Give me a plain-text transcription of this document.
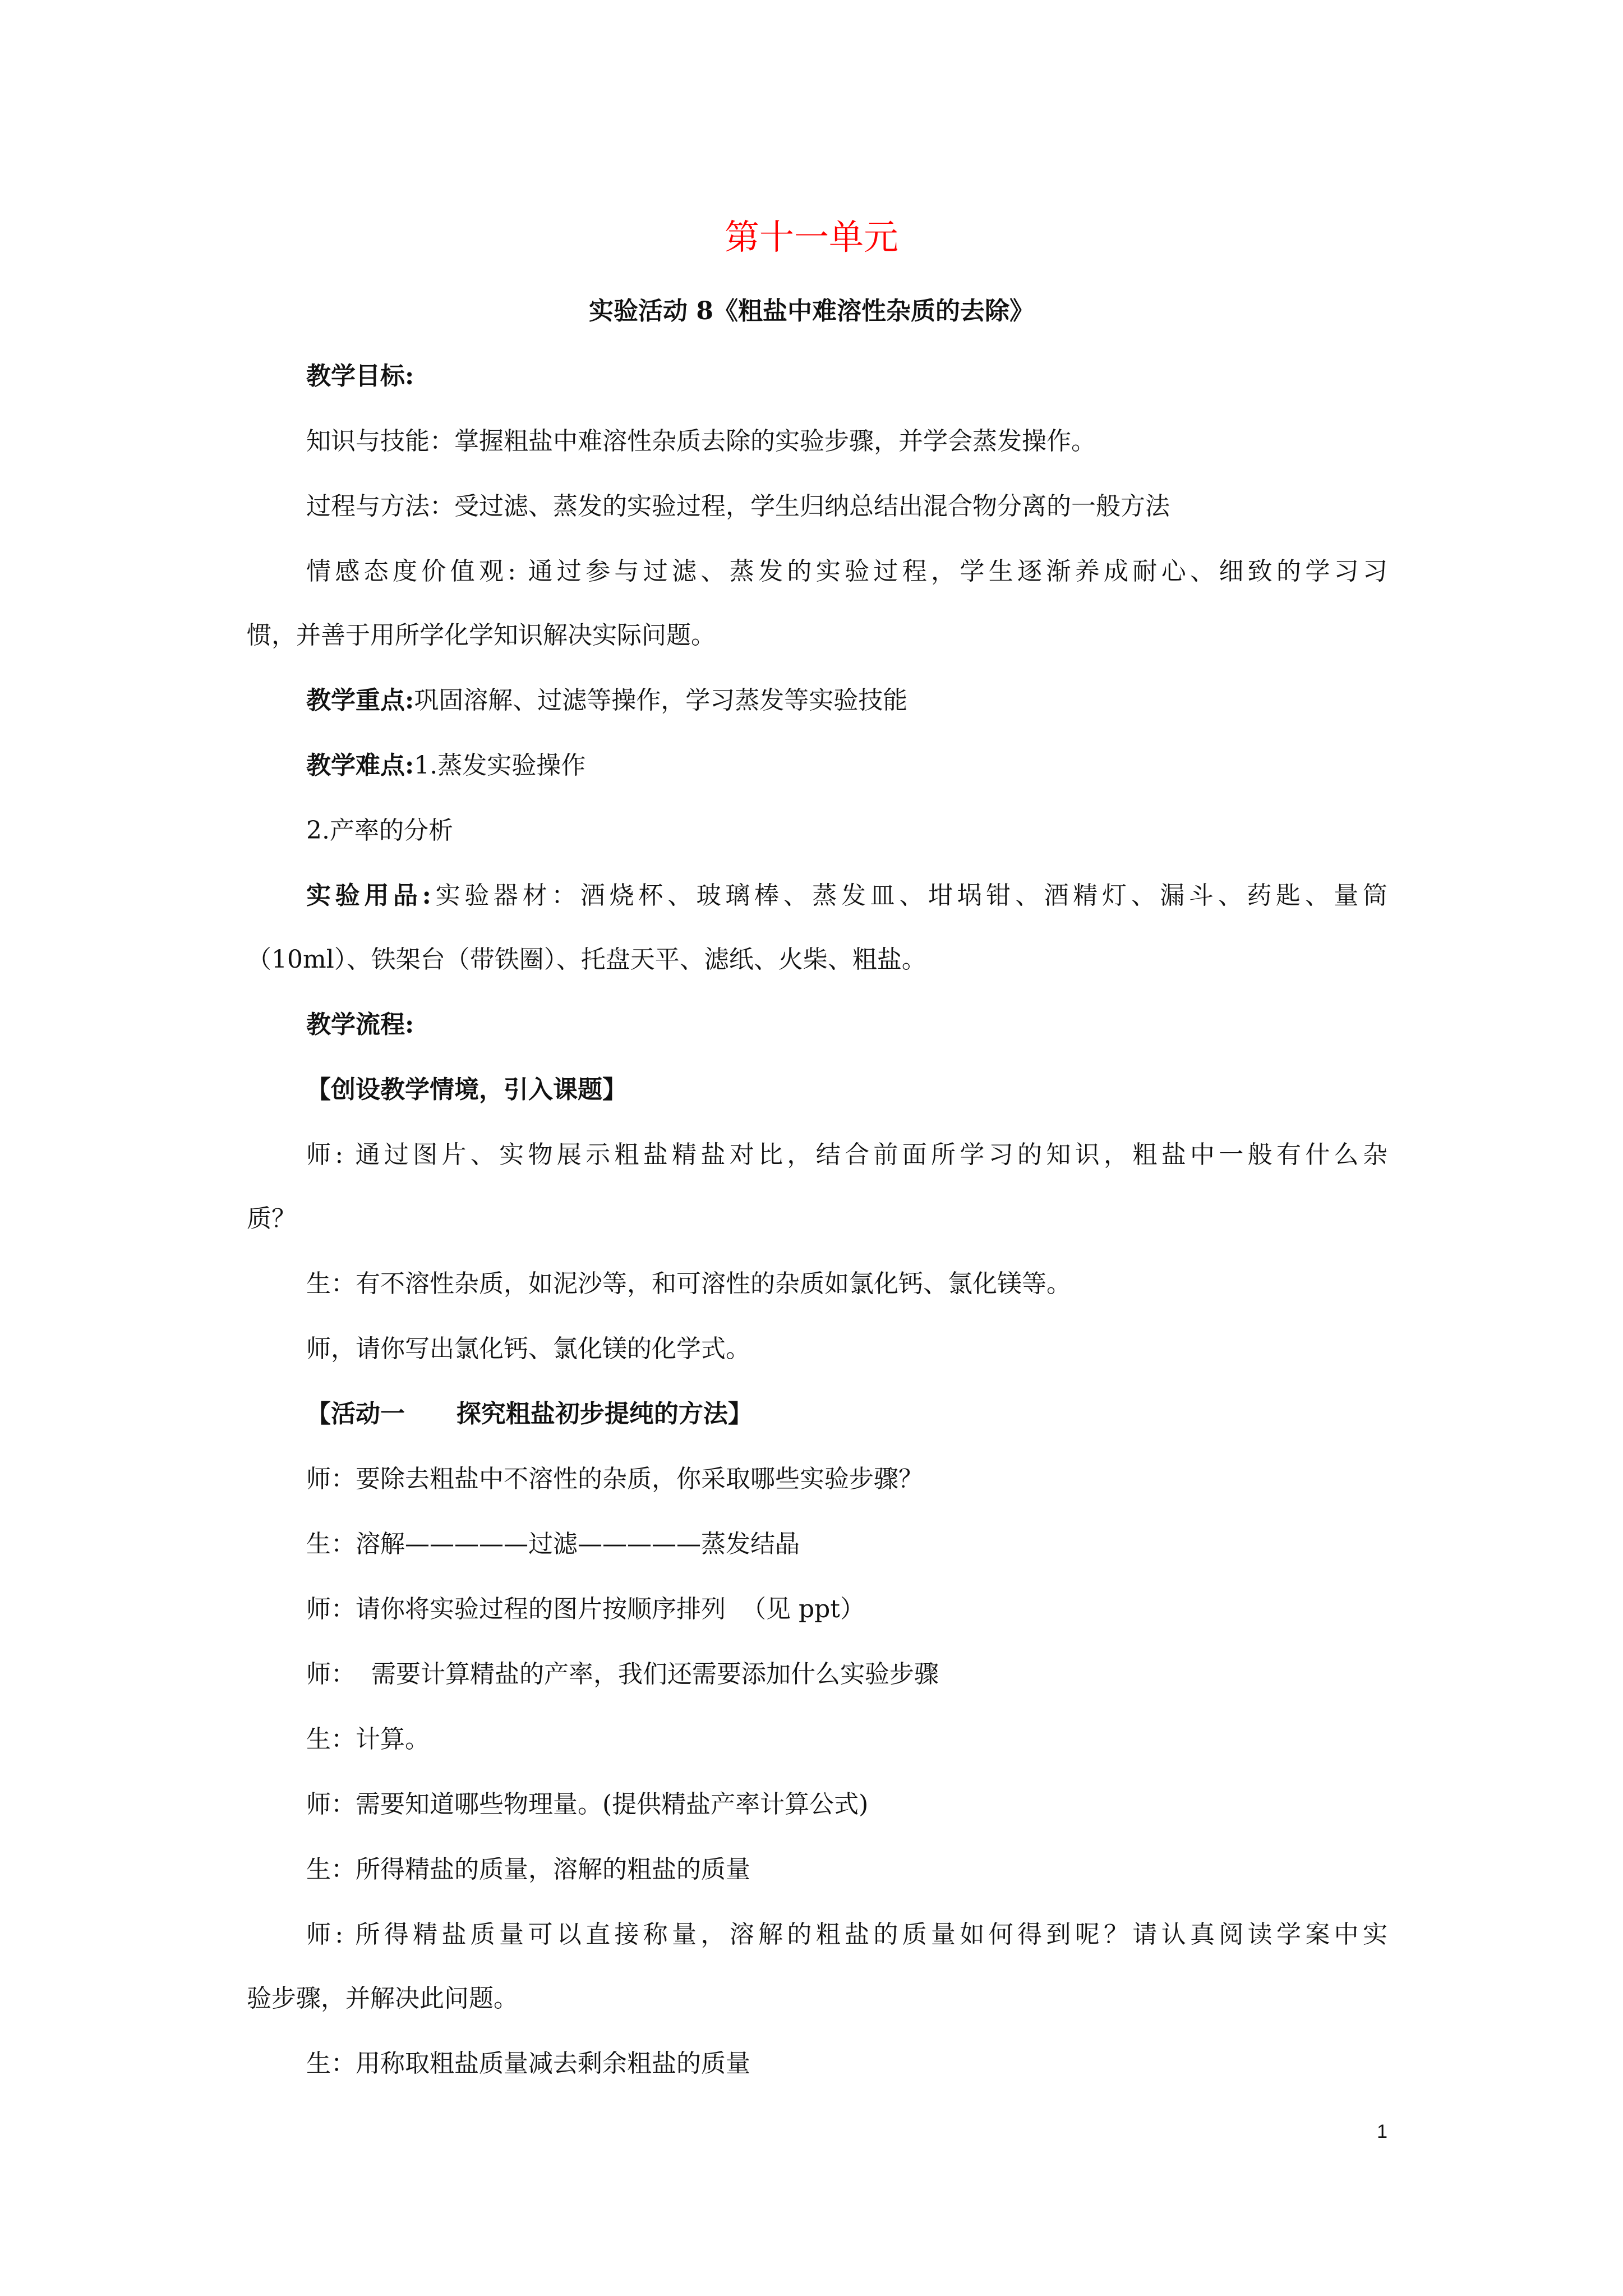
第十一单元
实验活动 8《粗盐中难溶性杂质的去除》
教学目标:
知识与技能：掌握粗盐中难溶性杂质去除的实验步骤，并学会蒸发操作。
过程与方法：受过滤、蒸发的实验过程，学生归纳总结出混合物分离的一般方法
情感态度价值观: 通过参与过滤、蒸发的实验过程，学生逐渐养成耐心、细致的学习习
惯，并善于用所学化学知识解决实际问题。
教学重点:巩固溶解、过滤等操作，学习蒸发等实验技能
教学难点:1.蒸发实验操作
2.产率的分析
实验用品:实验器材：酒烧杯、玻璃棒、蒸发皿、坩埚钳、酒精灯、漏斗、药匙、量筒
（10ml）、铁架台（带铁圈）、托盘天平、滤纸、火柴、粗盐。
教学流程:
【创设教学情境，引入课题】
师: 通过图片、实物展示粗盐精盐对比，结合前面所学习的知识，粗盐中一般有什么杂
质？
生：有不溶性杂质，如泥沙等，和可溶性的杂质如氯化钙、氯化镁等。
师，请你写出氯化钙、氯化镁的化学式。
【活动一      探究粗盐初步提纯的方法】
师：要除去粗盐中不溶性的杂质，你采取哪些实验步骤？
生：溶解—————过滤—————蒸发结晶
师：请你将实验过程的图片按顺序排列  （见 ppt）
师：  需要计算精盐的产率，我们还需要添加什么实验步骤
生：计算。
师：需要知道哪些物理量。(提供精盐产率计算公式)
生：所得精盐的质量，溶解的粗盐的质量
师: 所得精盐质量可以直接称量，溶解的粗盐的质量如何得到呢？请认真阅读学案中实
验步骤，并解决此问题。
生：用称取粗盐质量减去剩余粗盐的质量
1
